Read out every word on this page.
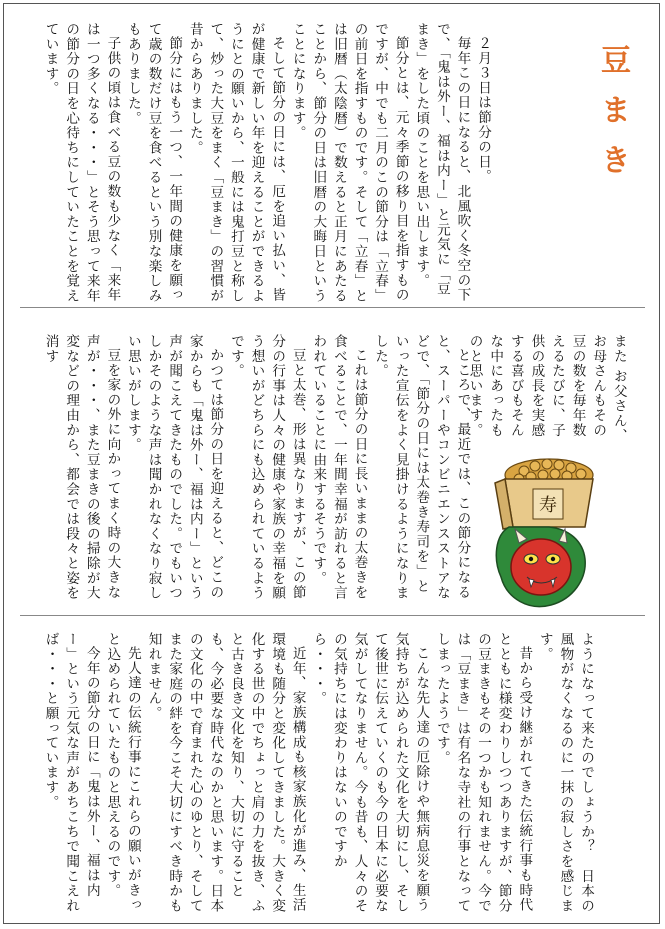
豆まき

２月３日は節分の日。

毎年この日になると、北風吹く冬空の下で、「鬼は外ー、福は内ー」と元気に「豆まき」をした頃のことを思い出します。

節分とは、元々季節の移り目を指すものですが、中でも二月のこの節分は「立春」の前日を指すものです。そして「立春」とは旧暦（太陰暦）で数えると正月にあたることから、節分の日は旧暦の大晦日ということになります。

そして節分の日には、厄を追い払い、皆が健康で新しい年を迎えることができるようにとの願いから、一般には鬼打豆と称して、炒った大豆をまく「豆まき」の習慣が昔からありました。

節分にはもう一つ、一年間の健康を願って歳の数だけ豆を食べるという別な楽しみもありました。

子供の頃は食べる豆の数も少なく「来年は一つ多くなる・・・」とそう思って来年の節分の日を心待ちにしていたことを覚えています。

また お父さん、お母さんもその豆の数を毎年数えるたびに、子供の成長を実感する喜びもそんな中にあったものと思います。

ところで、最近では、この節分になると、スーパーやコンビニエンスストアなどで、「節分の日には太巻き寿司を」といった宣伝をよく見掛けるようになりました。

これは節分の日に長いままの太巻きを食べることで、一年間幸福が訪れると言われていることに由来するそうです。

豆と太巻、形は異なりますが、この節分の行事は人々の健康や家族の幸福を願う想いがどちらにも込められているようです。

かつては節分の日を迎えると、どこの家からも「鬼は外ー、福は内ー」という声が聞こえてきたものでした。でもいつしかそのような声は聞かれなくなり寂しい思いがします。

豆を家の外に向かってまく時の大きな声が・・・、また豆まきの後の掃除が大変などの理由から、都会では段々と姿を消す

寿

ようになって来たのでしょうか？　日本の風物がなくなるのに一抹の寂しさを感じます。

昔から受け継がれてきた伝統行事も時代とともに様変わりしつつありますが、節分の豆まきもその一つかも知れません。今では「豆まき」は有名な寺社の行事となってしまったようです。

こんな先人達の厄除けや無病息災を願う気持ちが込められた文化を大切にし、そして後世に伝えていくのも今の日本に必要な気がしてなりません。今も昔も、人々のその気持ちには変わりはないのですから・・・。

近年、家族構成も核家族化が進み、生活環境も随分と変化してきました。大きく変化する世の中でちょっと肩の力を抜き、ふと古き良き文化を知り、大切に守ることも、今必要な時代なのかと思います。日本の文化の中で育まれた心のゆとり、そしてまた家庭の絆を今こそ大切にすべき時かも知れません。

先人達の伝統行事にこれらの願いがきっと込められていたものと思えるのです。

今年の節分の日に「鬼は外ー、福は内ー」という元気な声があちこちで聞こえれば・・・と願っています。
